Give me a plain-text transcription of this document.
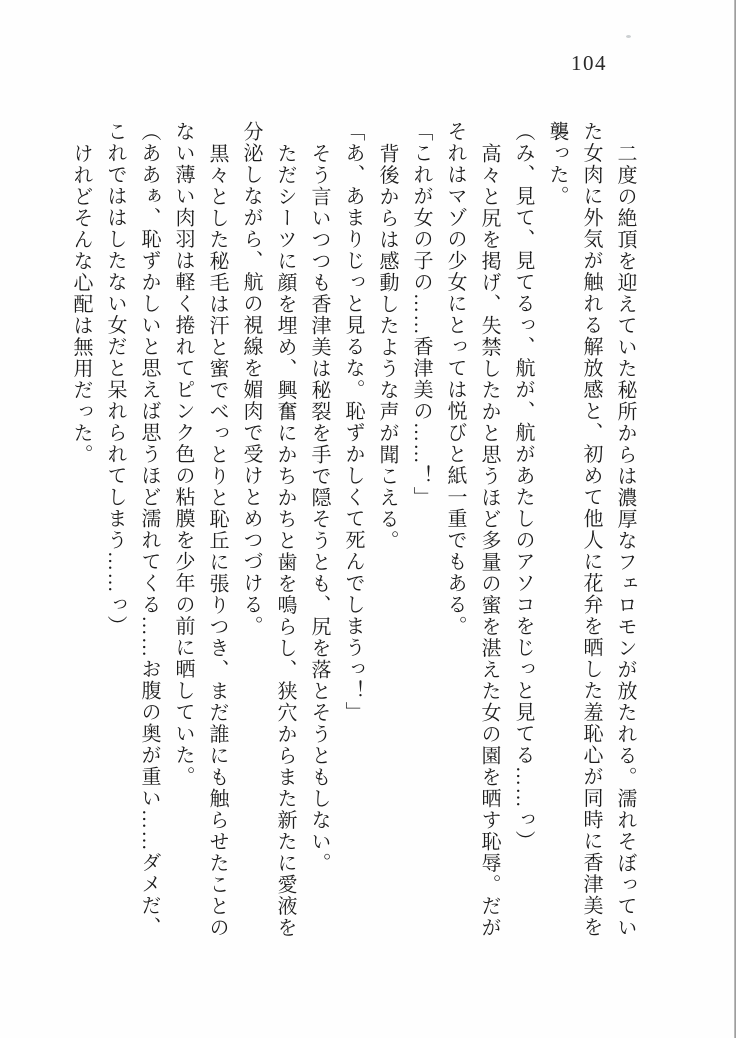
104
二度の絶頂を迎えていた秘所からは濃厚なフェロモンが放たれる。濡れそぼってい
た女肉に外気が触れる解放感と、初めて他人に花弁を晒した羞恥心が同時に香津美を
襲った。
（み、見て、見てるっ、航が、航があたしのアソコをじっと見てる……っ）
高々と尻を掲げ、失禁したかと思うほど多量の蜜を湛えた女の園を晒す恥辱。だが
それはマゾの少女にとっては悦びと紙一重でもある。
「これが女の子の……香津美の……！」
背後からは感動したような声が聞こえる。
「あ、あまりじっと見るな。恥ずかしくて死んでしまうっ！」
そう言いつつも香津美は秘裂を手で隠そうとも、尻を落とそうともしない。
ただシーツに顔を埋め、興奮にかちかちと歯を鳴らし、狭穴からまた新たに愛液を
分泌しながら、航の視線を媚肉で受けとめつづける。
黒々とした秘毛は汗と蜜でべっとりと恥丘に張りつき、まだ誰にも触らせたことの
ない薄い肉羽は軽く捲れてピンク色の粘膜を少年の前に晒していた。
（ああぁ、恥ずかしいと思えば思うほど濡れてくる……お腹の奥が重い……ダメだ、
これでははしたない女だと呆れられてしまう……っ）
けれどそんな心配は無用だった。
